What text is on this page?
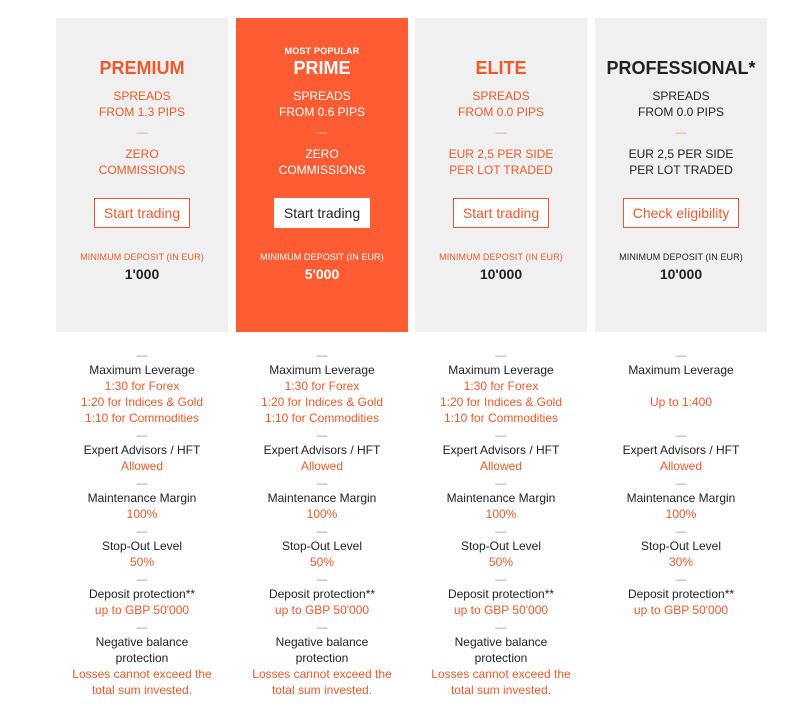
PREMIUM
SPREADS
FROM 1.3 PIPS
—
ZERO
COMMISSIONS
Start trading
MINIMUM DEPOSIT (IN EUR)
1'000
—
Maximum Leverage
1:30 for Forex
1:20 for Indices & Gold
1:10 for Commodities
—
Expert Advisors / HFT
Allowed
—
Maintenance Margin
100%
—
Stop-Out Level
50%
—
Deposit protection**
up to GBP 50'000
—
Negative balance protection
Losses cannot exceed the total sum invested.
MOST POPULAR
PRIME
SPREADS
FROM 0.6 PIPS
—
ZERO
COMMISSIONS
Start trading
MINIMUM DEPOSIT (IN EUR)
5'000
—
Maximum Leverage
1:30 for Forex
1:20 for Indices & Gold
1:10 for Commodities
—
Expert Advisors / HFT
Allowed
—
Maintenance Margin
100%
—
Stop-Out Level
50%
—
Deposit protection**
up to GBP 50'000
—
Negative balance protection
Losses cannot exceed the total sum invested.
ELITE
SPREADS
FROM 0.0 PIPS
—
EUR 2,5 PER SIDE
PER LOT TRADED
Start trading
MINIMUM DEPOSIT (IN EUR)
10'000
—
Maximum Leverage
1:30 for Forex
1:20 for Indices & Gold
1:10 for Commodities
—
Expert Advisors / HFT
Allowed
—
Maintenance Margin
100%
—
Stop-Out Level
50%
—
Deposit protection**
up to GBP 50'000
—
Negative balance protection
Losses cannot exceed the total sum invested.
PROFESSIONAL*
SPREADS
FROM 0.0 PIPS
—
EUR 2,5 PER SIDE
PER LOT TRADED
Check eligibility
MINIMUM DEPOSIT (IN EUR)
10'000
—
Maximum Leverage
Up to 1:400
—
Expert Advisors / HFT
Allowed
—
Maintenance Margin
100%
—
Stop-Out Level
30%
—
Deposit protection**
up to GBP 50'000
